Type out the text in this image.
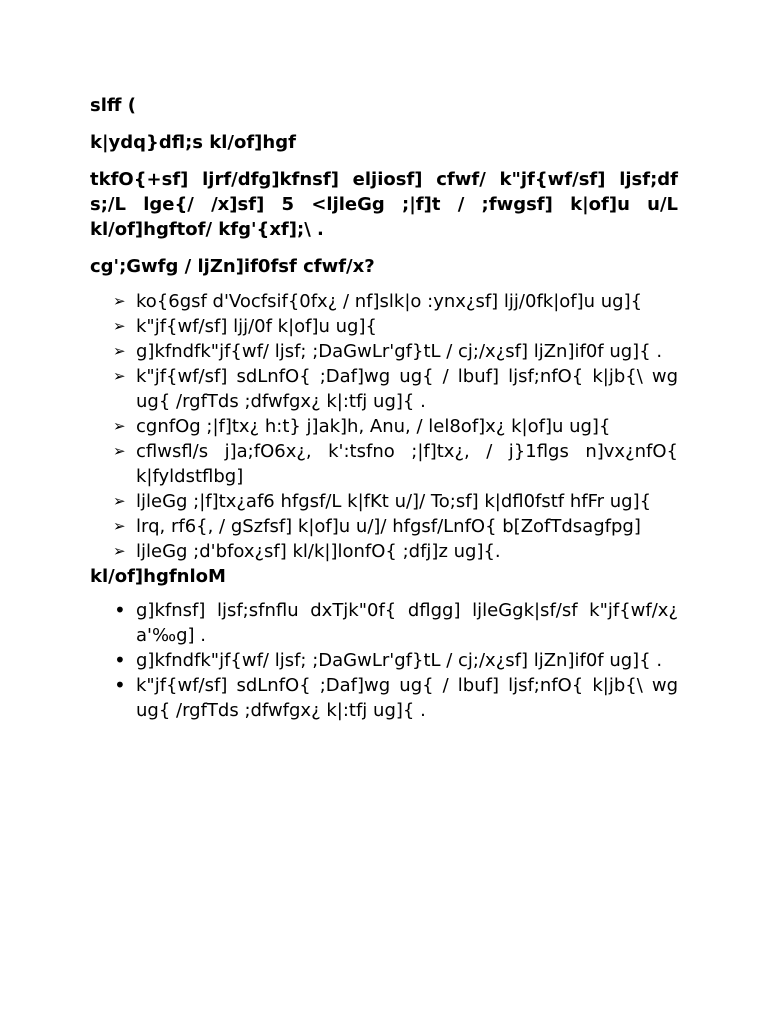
slff (

k|ydq}dfl;s kl/of]hgf

tkfO{+sf] ljrf/dfg]kfnsf] eljiosf] cfwf/ k"jf{wf/sf] ljsf;df s;/L lge{/ /x]sf] 5 <ljleGg ;|f]t / ;fwgsf] k|of]u u/L kl/of]hgftof/ kfg'{xf];\ .

cg';Gwfg / ljZn]if0fsf cfwf/x?

➢ ko{6gsf d'Vocfsif{0fx¿ / nf]slk|o :ynx¿sf] ljj/0fk|of]u ug]{
➢ k"jf{wf/sf] ljj/0f k|of]u ug]{
➢ g]kfndfk"jf{wf/ ljsf; ;DaGwLr'gf}tL / cj;/x¿sf] ljZn]if0f ug]{ .
➢ k"jf{wf/sf] sdLnfO{ ;Daf]wg ug{ / lbuf] ljsf;nfO{ k|jb{\ wg ug{ /rgfTds ;dfwfgx¿ k|:tfj ug]{ .
➢ cgnfOg ;|f]tx¿ h:t} j]ak]h, Anu, / lel8of]x¿ k|of]u ug]{
➢ cflwsfl/s j]a;fO6x¿, k':tsfno ;|f]tx¿, / j}1flgs n]vx¿nfO{ k|fyldstflbg]
➢ ljleGg ;|f]tx¿af6 hfgsf/L k|fKt u/]/ To;sf] k|dfl0fstf hfFr ug]{
➢ lrq, rf6{, / gSzfsf] k|of]u u/]/ hfgsf/LnfO{ b[ZofTdsagfpg]
➢ ljleGg ;d'bfox¿sf] kl/k|]lonfO{ ;dfj]z ug]{.

kl/of]hgfnloM

• g]kfnsf] ljsf;sfnflu dxTjk"0f{ dflgg] ljleGgk|sf/sf k"jf{wf/x¿ a'‰g] .
• g]kfndfk"jf{wf/ ljsf; ;DaGwLr'gf}tL / cj;/x¿sf] ljZn]if0f ug]{ .
• k"jf{wf/sf] sdLnfO{ ;Daf]wg ug{ / lbuf] ljsf;nfO{ k|jb{\ wg ug{ /rgfTds ;dfwfgx¿ k|:tfj ug]{ .
